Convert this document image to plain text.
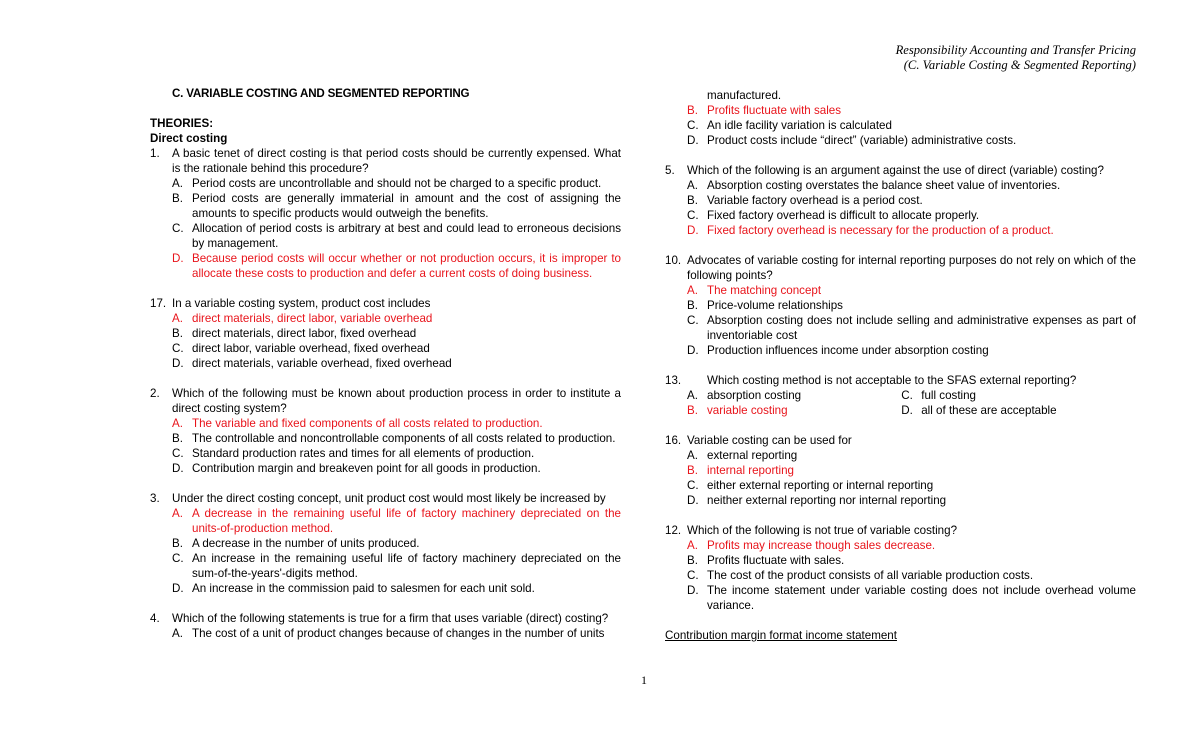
Responsibility Accounting and Transfer Pricing
(C. Variable Costing & Segmented Reporting)
C. VARIABLE COSTING AND SEGMENTED REPORTING
THEORIES:
Direct costing
1. A basic tenet of direct costing is that period costs should be currently expensed. What is the rationale behind this procedure?
A. Period costs are uncontrollable and should not be charged to a specific product.
B. Period costs are generally immaterial in amount and the cost of assigning the amounts to specific products would outweigh the benefits.
C. Allocation of period costs is arbitrary at best and could lead to erroneous decisions by management.
D. Because period costs will occur whether or not production occurs, it is improper to allocate these costs to production and defer a current costs of doing business.
17. In a variable costing system, product cost includes
A. direct materials, direct labor, variable overhead
B. direct materials, direct labor, fixed overhead
C. direct labor, variable overhead, fixed overhead
D. direct materials, variable overhead, fixed overhead
2. Which of the following must be known about production process in order to institute a direct costing system?
A. The variable and fixed components of all costs related to production.
B. The controllable and noncontrollable components of all costs related to production.
C. Standard production rates and times for all elements of production.
D. Contribution margin and breakeven point for all goods in production.
3. Under the direct costing concept, unit product cost would most likely be increased by
A. A decrease in the remaining useful life of factory machinery depreciated on the units-of-production method.
B. A decrease in the number of units produced.
C. An increase in the remaining useful life of factory machinery depreciated on the sum-of-the-years'-digits method.
D. An increase in the commission paid to salesmen for each unit sold.
4. Which of the following statements is true for a firm that uses variable (direct) costing?
A. The cost of a unit of product changes because of changes in the number of units
manufactured.
B. Profits fluctuate with sales
C. An idle facility variation is calculated
D. Product costs include “direct” (variable) administrative costs.
5. Which of the following is an argument against the use of direct (variable) costing?
A. Absorption costing overstates the balance sheet value of inventories.
B. Variable factory overhead is a period cost.
C. Fixed factory overhead is difficult to allocate properly.
D. Fixed factory overhead is necessary for the production of a product.
10. Advocates of variable costing for internal reporting purposes do not rely on which of the following points?
A. The matching concept
B. Price-volume relationships
C. Absorption costing does not include selling and administrative expenses as part of inventoriable cost
D. Production influences income under absorption costing
13. Which costing method is not acceptable to the SFAS external reporting?
A. absorption costing	C. full costing
B. variable costing	D. all of these are acceptable
16. Variable costing can be used for
A. external reporting
B. internal reporting
C. either external reporting or internal reporting
D. neither external reporting nor internal reporting
12. Which of the following is not true of variable costing?
A. Profits may increase though sales decrease.
B. Profits fluctuate with sales.
C. The cost of the product consists of all variable production costs.
D. The income statement under variable costing does not include overhead volume variance.
Contribution margin format income statement
1
